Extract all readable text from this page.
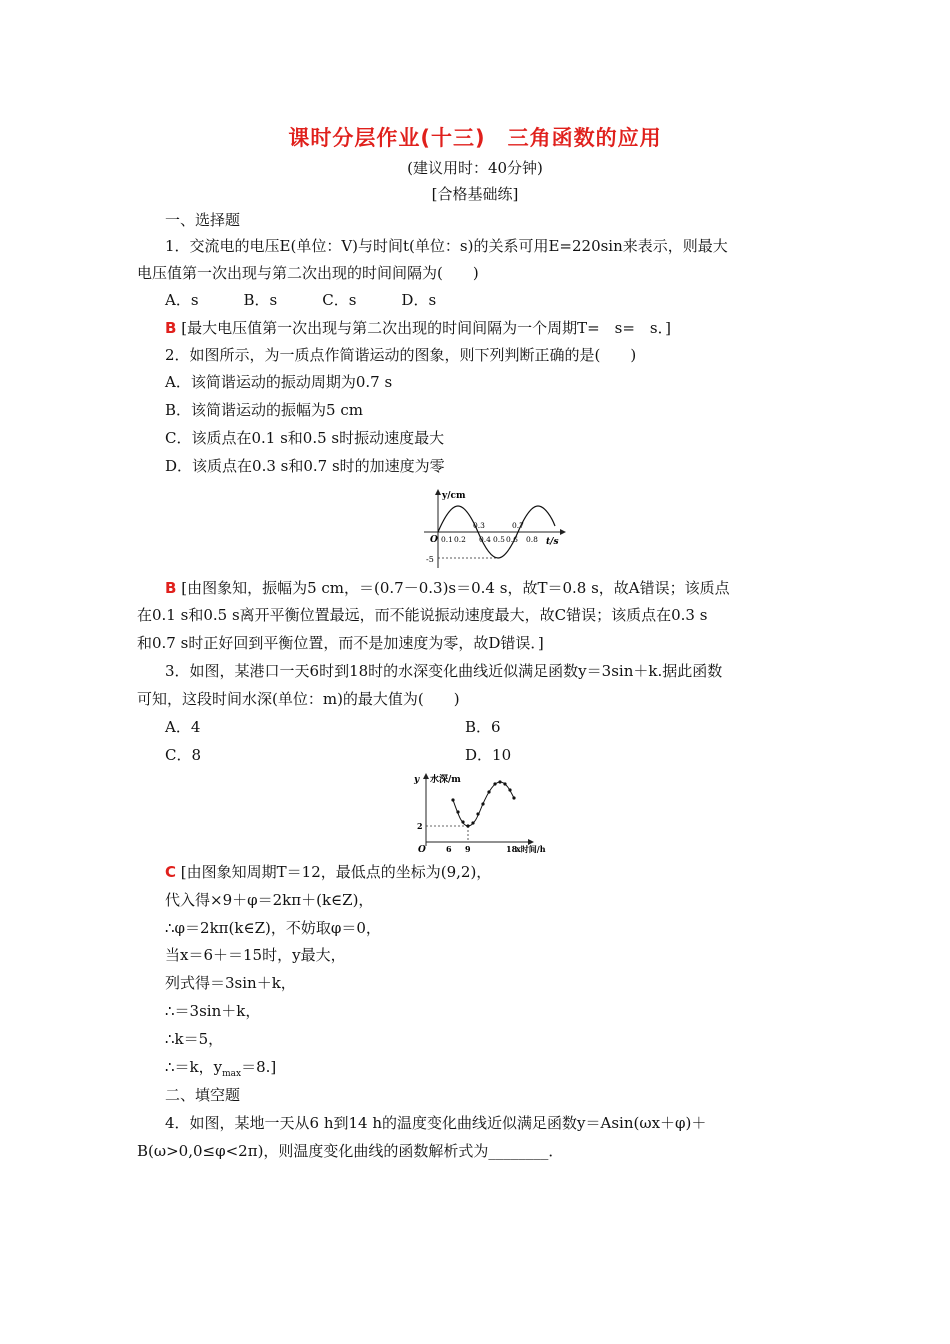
课时分层作业(十三)　三角函数的应用
(建议用时：40分钟)
[合格基础练]
一、选择题
1．交流电的电压E(单位：V)与时间t(单位：s)的关系可用E=220sin来表示，则最大
电压值第一次出现与第二次出现的时间间隔为(　　)
A．s　　　B．s　　　C．s　　　D．s
B [最大电压值第一次出现与第二次出现的时间间隔为一个周期T=　s=　s．]
2．如图所示，为一质点作简谐运动的图象，则下列判断正确的是(　　)
A．该简谐运动的振动周期为0.7 s
B．该简谐运动的振幅为5 cm
C．该质点在0.1 s和0.5 s时振动速度最大
D．该质点在0.3 s和0.7 s时的加速度为零
y/cm
O 0.1 0.2
0.3
0.4 0.5 0.6
0.7
0.8 t/s
-5
B [由图象知，振幅为5 cm，＝(0.7－0.3)s＝0.4 s，故T＝0.8 s，故A错误；该质点
在0.1 s和0.5 s离开平衡位置最远，而不能说振动速度最大，故C错误；该质点在0.3 s
和0.7 s时正好回到平衡位置，而不是加速度为零，故D错误．]
3．如图，某港口一天6时到18时的水深变化曲线近似满足函数y＝3sin＋k.据此函数
可知，这段时间水深(单位：m)的最大值为(　　)
A．4	B．6
C．8	D．10
y 水深/m
O
2
6 9	18
x时间/h
C [由图象知周期T＝12，最低点的坐标为(9,2)，
代入得×9＋φ＝2kπ＋(k∈Z)，
∴φ＝2kπ(k∈Z)，不妨取φ＝0，
当x＝6＋＝15时，y最大，
列式得＝3sin＋k，
∴＝3sin＋k，
∴k＝5，
∴＝k，$y_{max}=8$.]
二、填空题
4．如图，某地一天从6 h到14 h的温度变化曲线近似满足函数y＝Asin(ωx＋φ)＋
B(ω>0,0≤φ<2π)，则温度变化曲线的函数解析式为________．
